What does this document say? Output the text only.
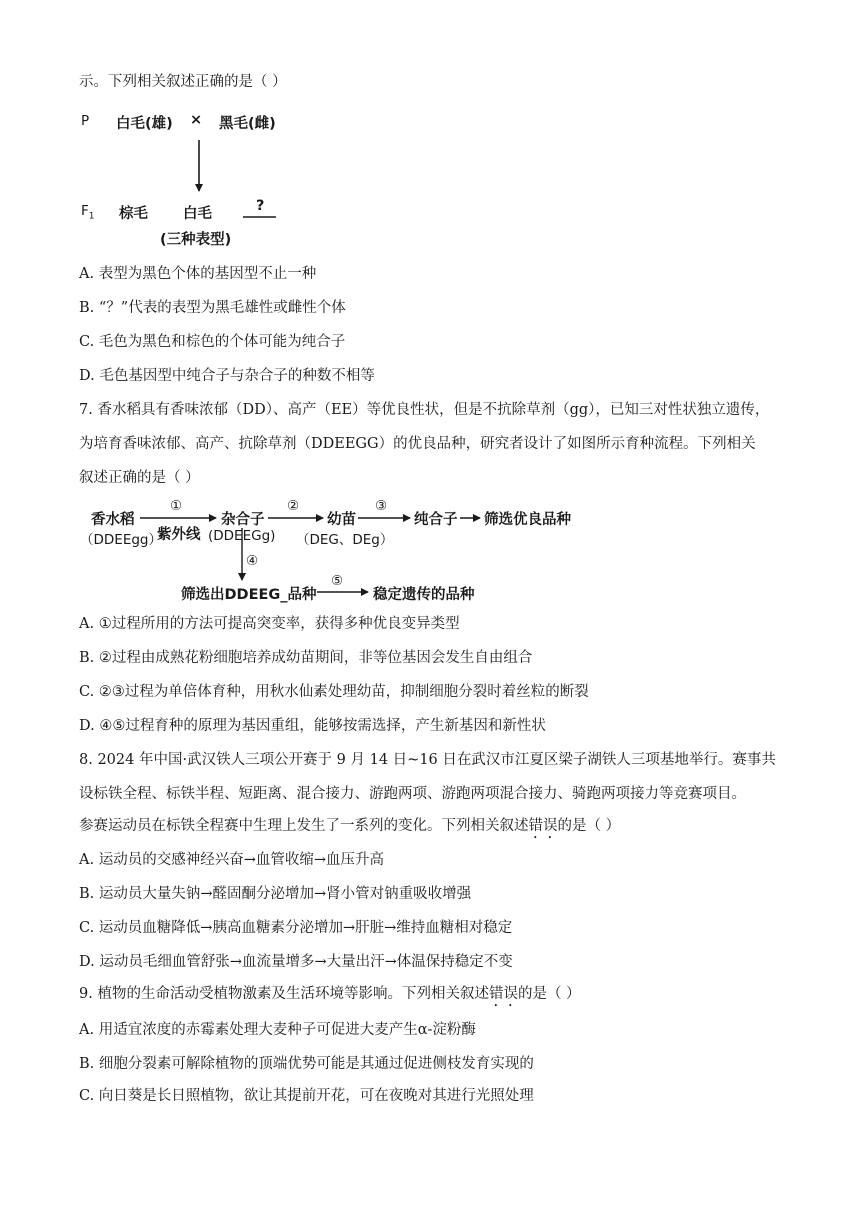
示。下列相关叙述正确的是（ ）
P 白毛(雄) × 黑毛(雌)
$F_1$ 棕毛 白毛	?
(三种表型)
A. 表型为黑色个体的基因型不止一种
B. “？”代表的表型为黑毛雄性或雌性个体
C. 毛色为黑色和棕色的个体可能为纯合子
D. 毛色基因型中纯合子与杂合子的种数不相等
7. 香水稻具有香味浓郁（DD）、高产（EE）等优良性状，但是不抗除草剂（gg），已知三对性状独立遗传，
为培育香味浓郁、高产、抗除草剂（DDEEGG）的优良品种，研究者设计了如图所示育种流程。下列相关
叙述正确的是（ ）
香水稻
（DDEEgg）
①
紫外线
杂合子
(DDEEGg)
②
幼苗
（DEG、DEg）
③
纯合子 筛选优良品种
④
筛选出DDEEG_品种
⑤
稳定遗传的品种
A. ①过程所用的方法可提高突变率，获得多种优良变异类型
B. ②过程由成熟花粉细胞培养成幼苗期间，非等位基因会发生自由组合
C. ②③过程为单倍体育种，用秋水仙素处理幼苗，抑制细胞分裂时着丝粒的断裂
D. ④⑤过程育种的原理为基因重组，能够按需选择，产生新基因和新性状
8. 2024 年中国·武汉铁人三项公开赛于 9 月 14 日~16 日在武汉市江夏区梁子湖铁人三项基地举行。赛事共
设标铁全程、标铁半程、短距离、混合接力、游跑两项、游跑两项混合接力、骑跑两项接力等竞赛项目。
参赛运动员在标铁全程赛中生理上发生了一系列的变化。下列相关叙述错误的是（ ）
A. 运动员的交感神经兴奋→血管收缩→血压升高
B. 运动员大量失钠→醛固酮分泌增加→肾小管对钠重吸收增强
C. 运动员血糖降低→胰高血糖素分泌增加→肝脏→维持血糖相对稳定
D. 运动员毛细血管舒张→血流量增多→大量出汗→体温保持稳定不变
9. 植物的生命活动受植物激素及生活环境等影响。下列相关叙述错误的是（ ）
A. 用适宜浓度的赤霉素处理大麦种子可促进大麦产生α-淀粉酶
B. 细胞分裂素可解除植物的顶端优势可能是其通过促进侧枝发育实现的
C. 向日葵是长日照植物，欲让其提前开花，可在夜晚对其进行光照处理
